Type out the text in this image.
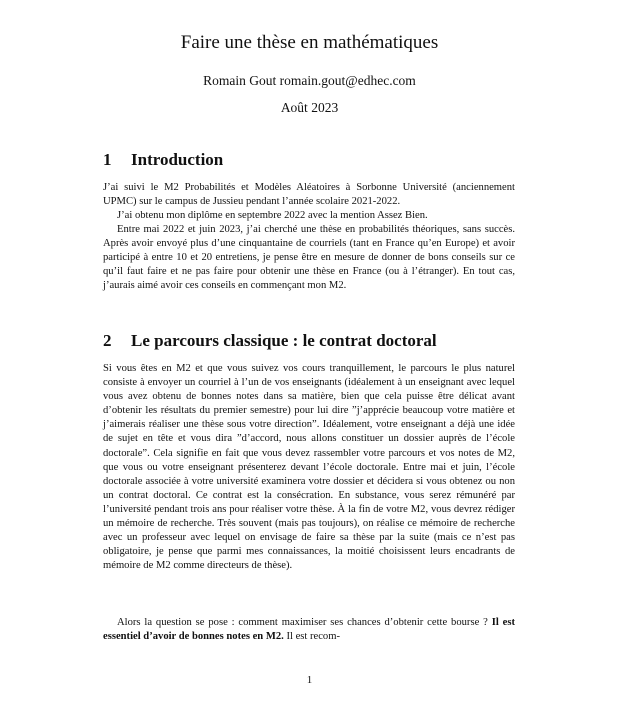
Faire une thèse en mathématiques
Romain Gout romain.gout@edhec.com
Août 2023
1 Introduction

J’ai suivi le M2 Probabilités et Modèles Aléatoires à Sorbonne Université (anciennement UPMC) sur le campus de Jussieu pendant l’année scolaire 2021-2022.

J’ai obtenu mon diplôme en septembre 2022 avec la mention Assez Bien.

Entre mai 2022 et juin 2023, j’ai cherché une thèse en probabilités théoriques, sans succès. Après avoir envoyé plus d’une cinquantaine de courriels (tant en France qu’en Europe) et avoir participé à entre 10 et 20 entretiens, je pense être en mesure de donner de bons conseils sur ce qu’il faut faire et ne pas faire pour obtenir une thèse en France (ou à l’étranger). En tout cas, j’aurais aimé avoir ces conseils en commençant mon M2.

2 Le parcours classique : le contrat doctoral

Si vous êtes en M2 et que vous suivez vos cours tranquillement, le parcours le plus naturel consiste à envoyer un courriel à l’un de vos enseignants (idéalement à un enseignant avec lequel vous avez obtenu de bonnes notes dans sa matière, bien que cela puisse être délicat avant d’obtenir les résultats du premier semestre) pour lui dire ”j’apprécie beaucoup votre matière et j’aimerais réaliser une thèse sous votre direction”. Idéalement, votre enseignant a déjà une idée de sujet en tête et vous dira ”d’accord, nous allons constituer un dossier auprès de l’école doctorale”. Cela signifie en fait que vous devez rassembler votre parcours et vos notes de M2, que vous ou votre enseignant présenterez devant l’école doctorale. Entre mai et juin, l’école doctorale associée à votre université examinera votre dossier et décidera si vous obtenez ou non un contrat doctoral. Ce contrat est la consécration. En substance, vous serez rémunéré par l’université pendant trois ans pour réaliser votre thèse. À la fin de votre M2, vous devrez rédiger un mémoire de recherche. Très souvent (mais pas toujours), on réalise ce mémoire de recherche avec un professeur avec lequel on envisage de faire sa thèse par la suite (mais ce n’est pas obligatoire, je pense que parmi mes connaissances, la moitié choisissent leurs encadrants de mémoire de M2 comme directeurs de thèse).

Alors la question se pose : comment maximiser ses chances d’obtenir cette bourse ? Il est essentiel d’avoir de bonnes notes en M2. Il est recom-

1
